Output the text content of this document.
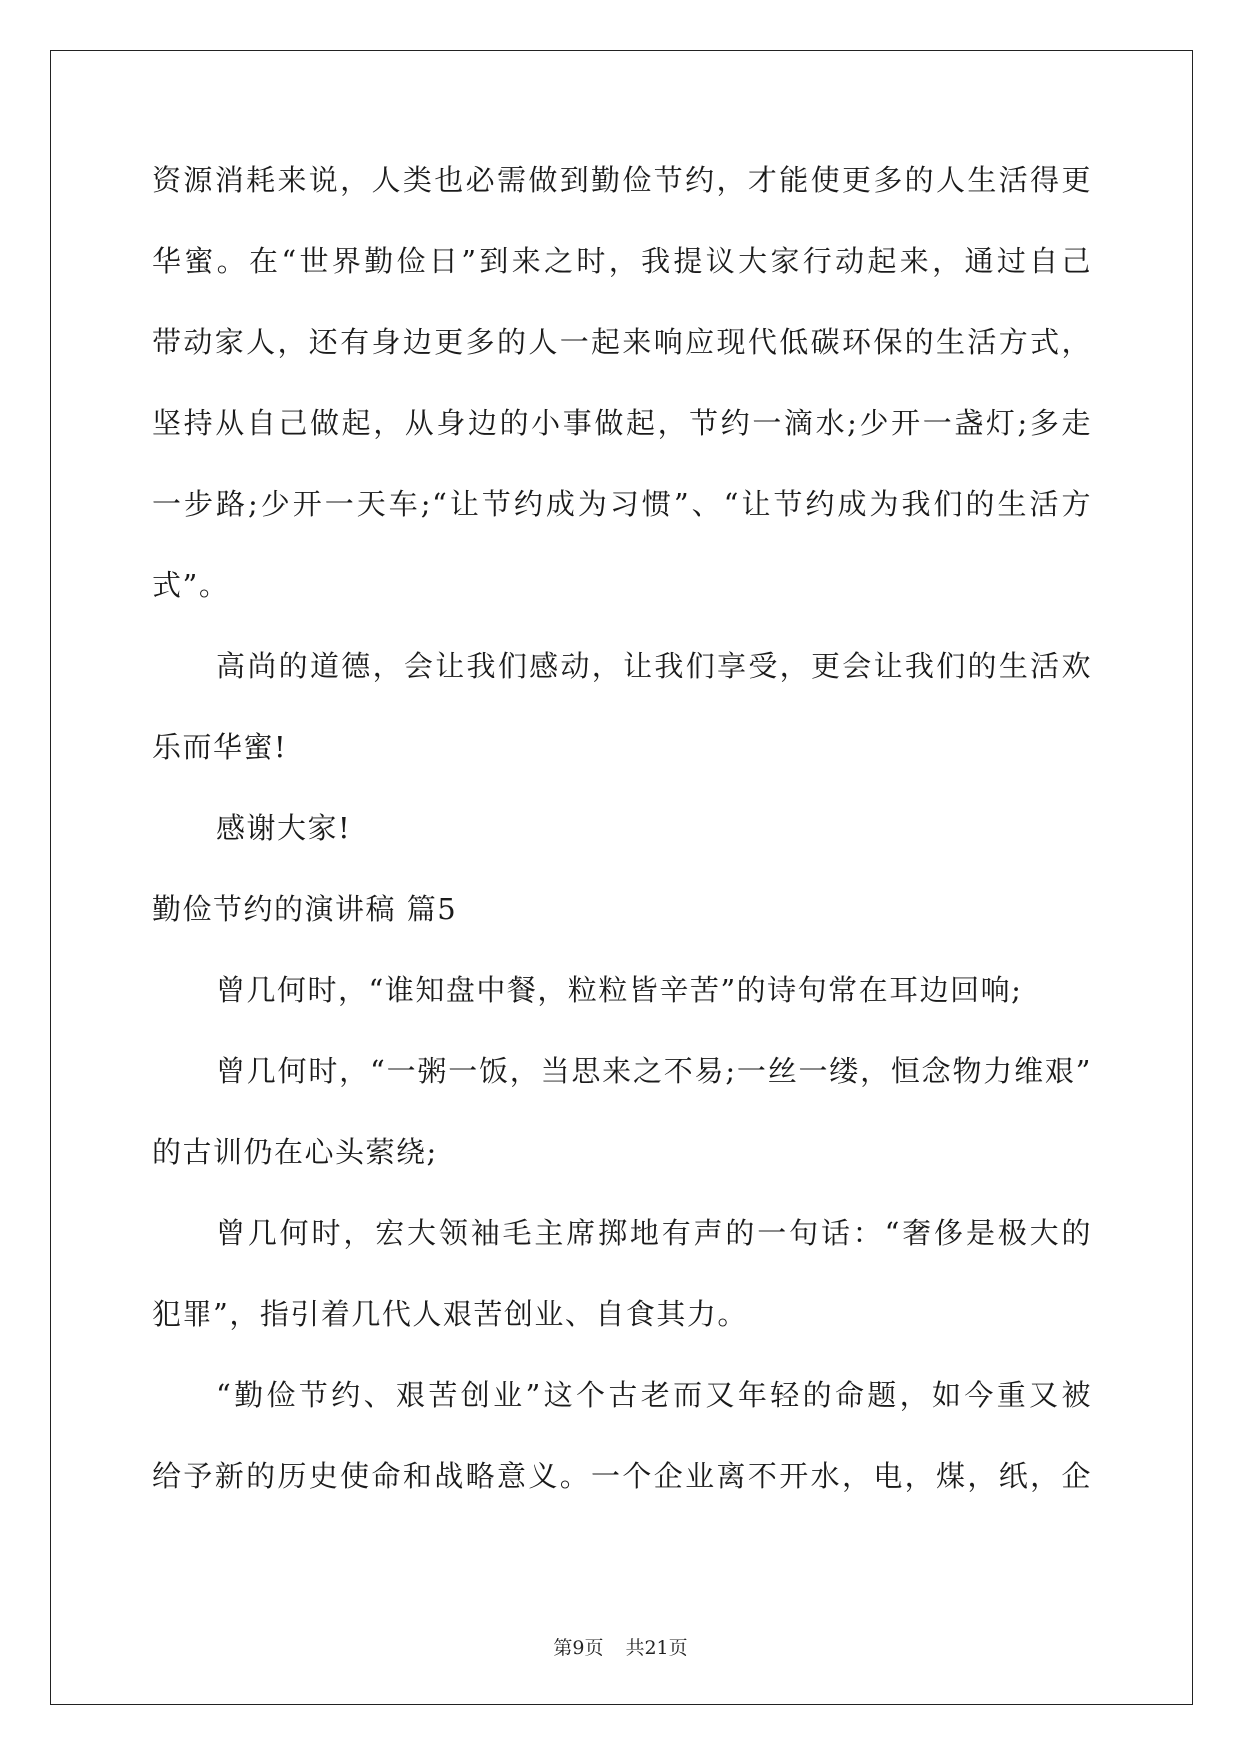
资源消耗来说，人类也必需做到勤俭节约，才能使更多的人生活得更
华蜜。在“世界勤俭日”到来之时，我提议大家行动起来，通过自己
带动家人，还有身边更多的人一起来响应现代低碳环保的生活方式，
坚持从自己做起，从身边的小事做起，节约一滴水;少开一盏灯;多走
一步路;少开一天车;“让节约成为习惯”、“让节约成为我们的生活方
式”。
高尚的道德，会让我们感动，让我们享受，更会让我们的生活欢
乐而华蜜!
感谢大家!
勤俭节约的演讲稿 篇5
曾几何时，“谁知盘中餐，粒粒皆辛苦”的诗句常在耳边回响;
曾几何时，“一粥一饭，当思来之不易;一丝一缕，恒念物力维艰”
的古训仍在心头萦绕;
曾几何时，宏大领袖毛主席掷地有声的一句话：“奢侈是极大的
犯罪”，指引着几代人艰苦创业、自食其力。
“勤俭节约、艰苦创业”这个古老而又年轻的命题，如今重又被
给予新的历史使命和战略意义。一个企业离不开水，电，煤，纸，企
第9页 共21页
